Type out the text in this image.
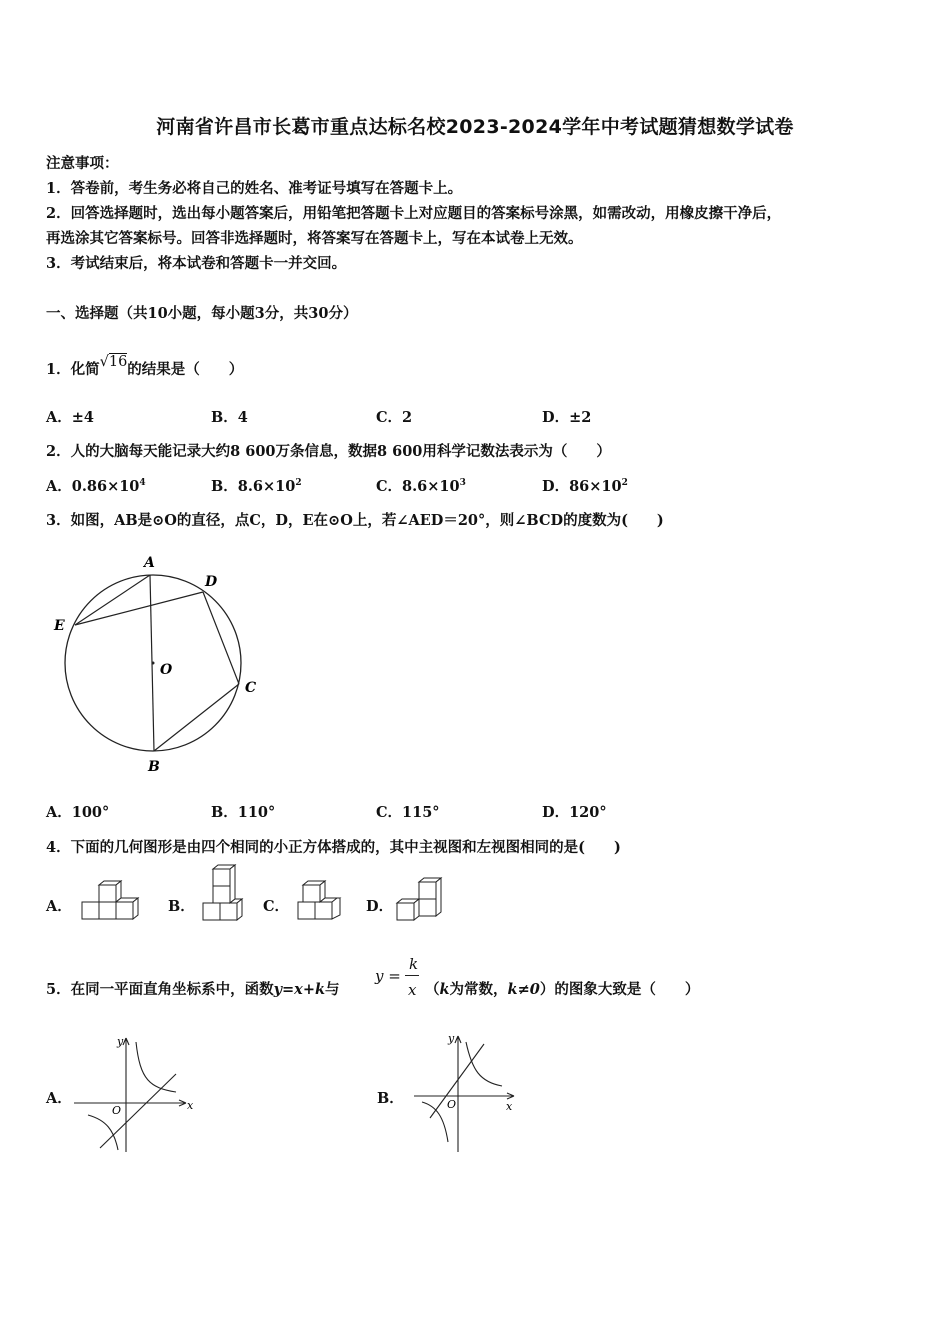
河南省许昌市长葛市重点达标名校2023-2024学年中考试题猜想数学试卷
注意事项：
1．答卷前，考生务必将自己的姓名、准考证号填写在答题卡上。
2．回答选择题时，选出每小题答案后，用铅笔把答题卡上对应题目的答案标号涂黑，如需改动，用橡皮擦干净后，
再选涂其它答案标号。回答非选择题时，将答案写在答题卡上，写在本试卷上无效。
3．考试结束后，将本试卷和答题卡一并交回。
一、选择题（共10小题，每小题3分，共30分）
1．化简√16的结果是（　　）
A．±4	B．4	C．2	D．±2
2．人的大脑每天能记录大约8 600万条信息，数据8 600用科学记数法表示为（　　）
A．$0.86\times 10^4$	B．$8.6\times 10^2$	C．$8.6\times 10^3$	D．$86\times 10^2$
3．如图，AB是⊙O的直径，点C，D，E在⊙O上，若∠AED＝20°，则∠BCD的度数为(　　)
A
D
E
O
C
B
A．100°	B．110°	C．115°	D．120°
4．下面的几何图形是由四个相同的小正方体搭成的，其中主视图和左视图相同的是(　　)
A．	B．	C．	D．
5．在同一平面直角坐标系中，函数y=x+k与
y =
k
x （k为常数，k≠0）的图象大致是（　　）
A．	x
y
O
B．	x
y
O
